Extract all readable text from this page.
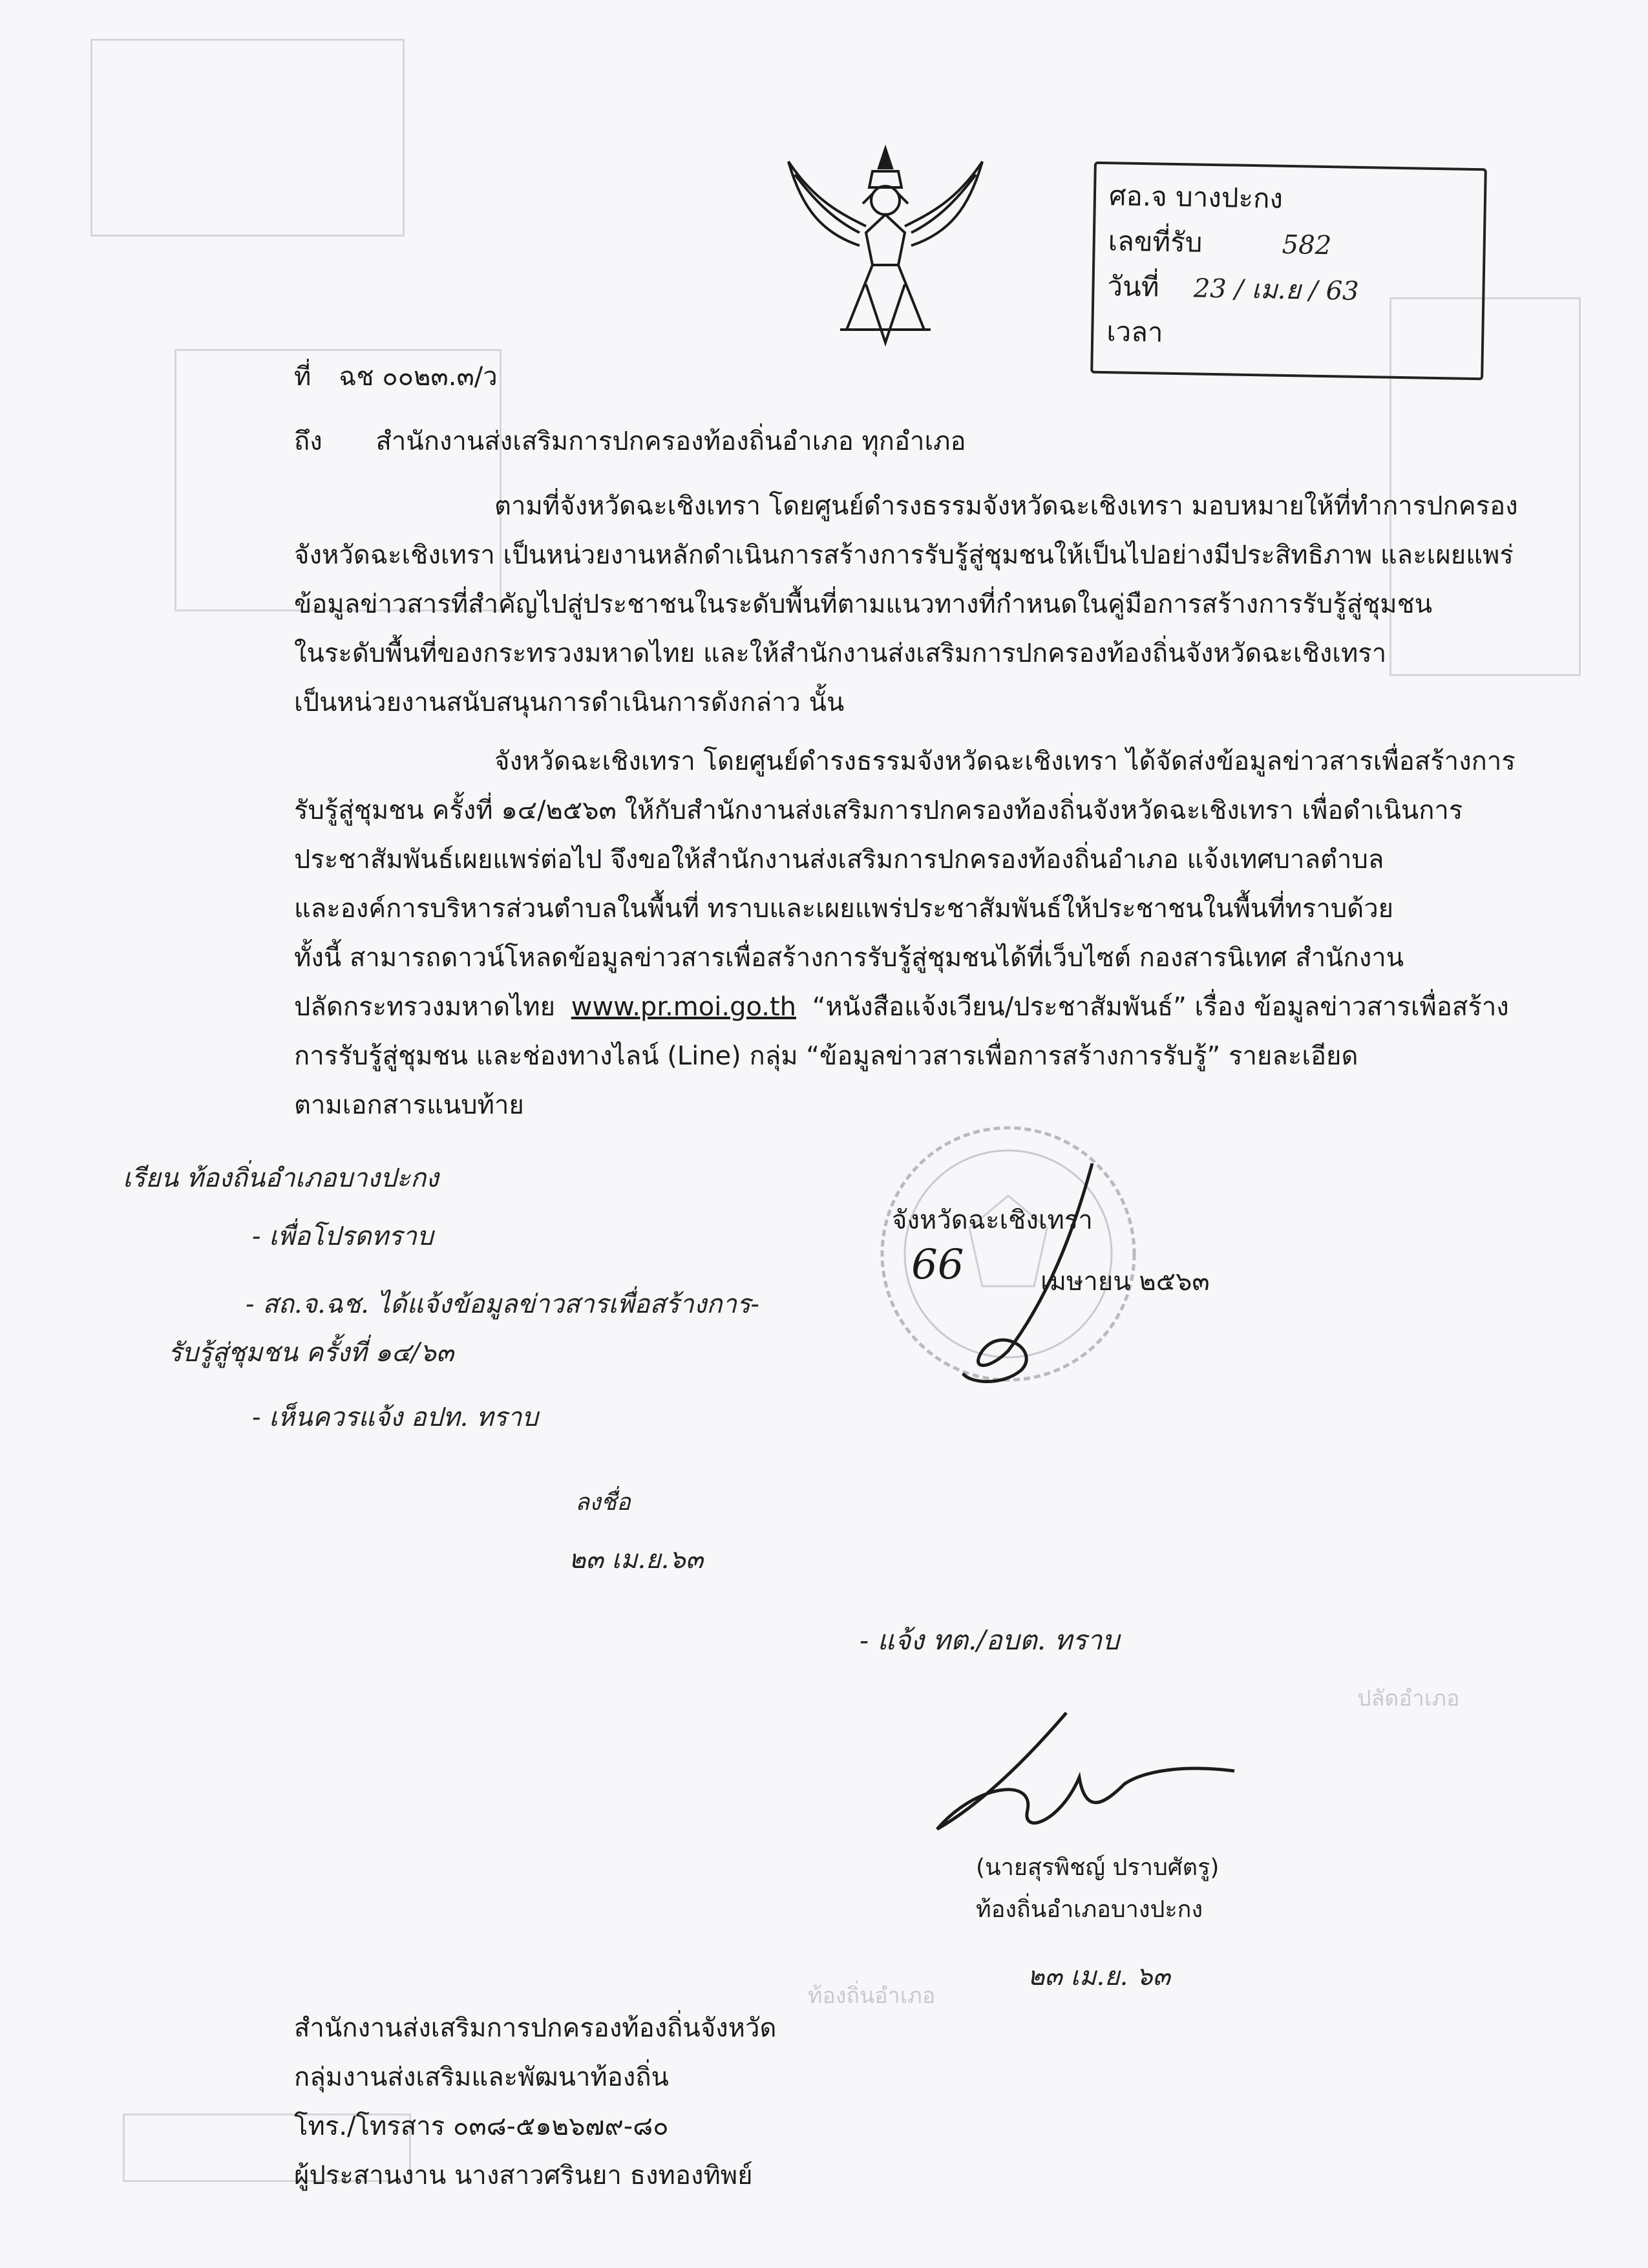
ท้องถิ่นอำเภอ
ปลัดอำเภอ
ศอ.จ บางปะกง
เลขที่รับ	582
วันที่ 23 / เม.ย / 63
เวลา
ที่ ฉช ๐๐๒๓.๓/ว
ถึง สำนักงานส่งเสริมการปกครองท้องถิ่นอำเภอ ทุกอำเภอ
ตามที่จังหวัดฉะเชิงเทรา โดยศูนย์ดำรงธรรมจังหวัดฉะเชิงเทรา มอบหมายให้ที่ทำการปกครอง
จังหวัดฉะเชิงเทรา เป็นหน่วยงานหลักดำเนินการสร้างการรับรู้สู่ชุมชนให้เป็นไปอย่างมีประสิทธิภาพ และเผยแพร่
ข้อมูลข่าวสารที่สำคัญไปสู่ประชาชนในระดับพื้นที่ตามแนวทางที่กำหนดในคู่มือการสร้างการรับรู้สู่ชุมชน
ในระดับพื้นที่ของกระทรวงมหาดไทย และให้สำนักงานส่งเสริมการปกครองท้องถิ่นจังหวัดฉะเชิงเทรา
เป็นหน่วยงานสนับสนุนการดำเนินการดังกล่าว นั้น
จังหวัดฉะเชิงเทรา โดยศูนย์ดำรงธรรมจังหวัดฉะเชิงเทรา ได้จัดส่งข้อมูลข่าวสารเพื่อสร้างการ
รับรู้สู่ชุมชน ครั้งที่ ๑๔/๒๕๖๓ ให้กับสำนักงานส่งเสริมการปกครองท้องถิ่นจังหวัดฉะเชิงเทรา เพื่อดำเนินการ
ประชาสัมพันธ์เผยแพร่ต่อไป จึงขอให้สำนักงานส่งเสริมการปกครองท้องถิ่นอำเภอ แจ้งเทศบาลตำบล
และองค์การบริหารส่วนตำบลในพื้นที่ ทราบและเผยแพร่ประชาสัมพันธ์ให้ประชาชนในพื้นที่ทราบด้วย
ทั้งนี้ สามารถดาวน์โหลดข้อมูลข่าวสารเพื่อสร้างการรับรู้สู่ชุมชนได้ที่เว็บไซต์ กองสารนิเทศ สำนักงาน
ปลัดกระทรวงมหาดไทย www.pr.moi.go.th “หนังสือแจ้งเวียน/ประชาสัมพันธ์” เรื่อง ข้อมูลข่าวสารเพื่อสร้าง
การรับรู้สู่ชุมชน และช่องทางไลน์ (Line) กลุ่ม “ข้อมูลข่าวสารเพื่อการสร้างการรับรู้” รายละเอียด
ตามเอกสารแนบท้าย
จังหวัดฉะเชิงเทรา
66	เมษายน ๒๕๖๓
เรียน ท้องถิ่นอำเภอบางปะกง
- เพื่อโปรดทราบ
- สถ.จ.ฉช. ได้แจ้งข้อมูลข่าวสารเพื่อสร้างการ-
รับรู้สู่ชุมชน ครั้งที่ ๑๔/๖๓
- เห็นควรแจ้ง อปท. ทราบ
ลงชื่อ
๒๓ เม.ย.๖๓
- แจ้ง ทต./อบต. ทราบ
(นายสุรพิชญ์ ปราบศัตรู)
ท้องถิ่นอำเภอบางปะกง
๒๓ เม.ย. ๖๓
สำนักงานส่งเสริมการปกครองท้องถิ่นจังหวัด
กลุ่มงานส่งเสริมและพัฒนาท้องถิ่น
โทร./โทรสาร ๐๓๘-๕๑๒๖๗๙-๘๐
ผู้ประสานงาน นางสาวศรินยา ธงทองทิพย์
